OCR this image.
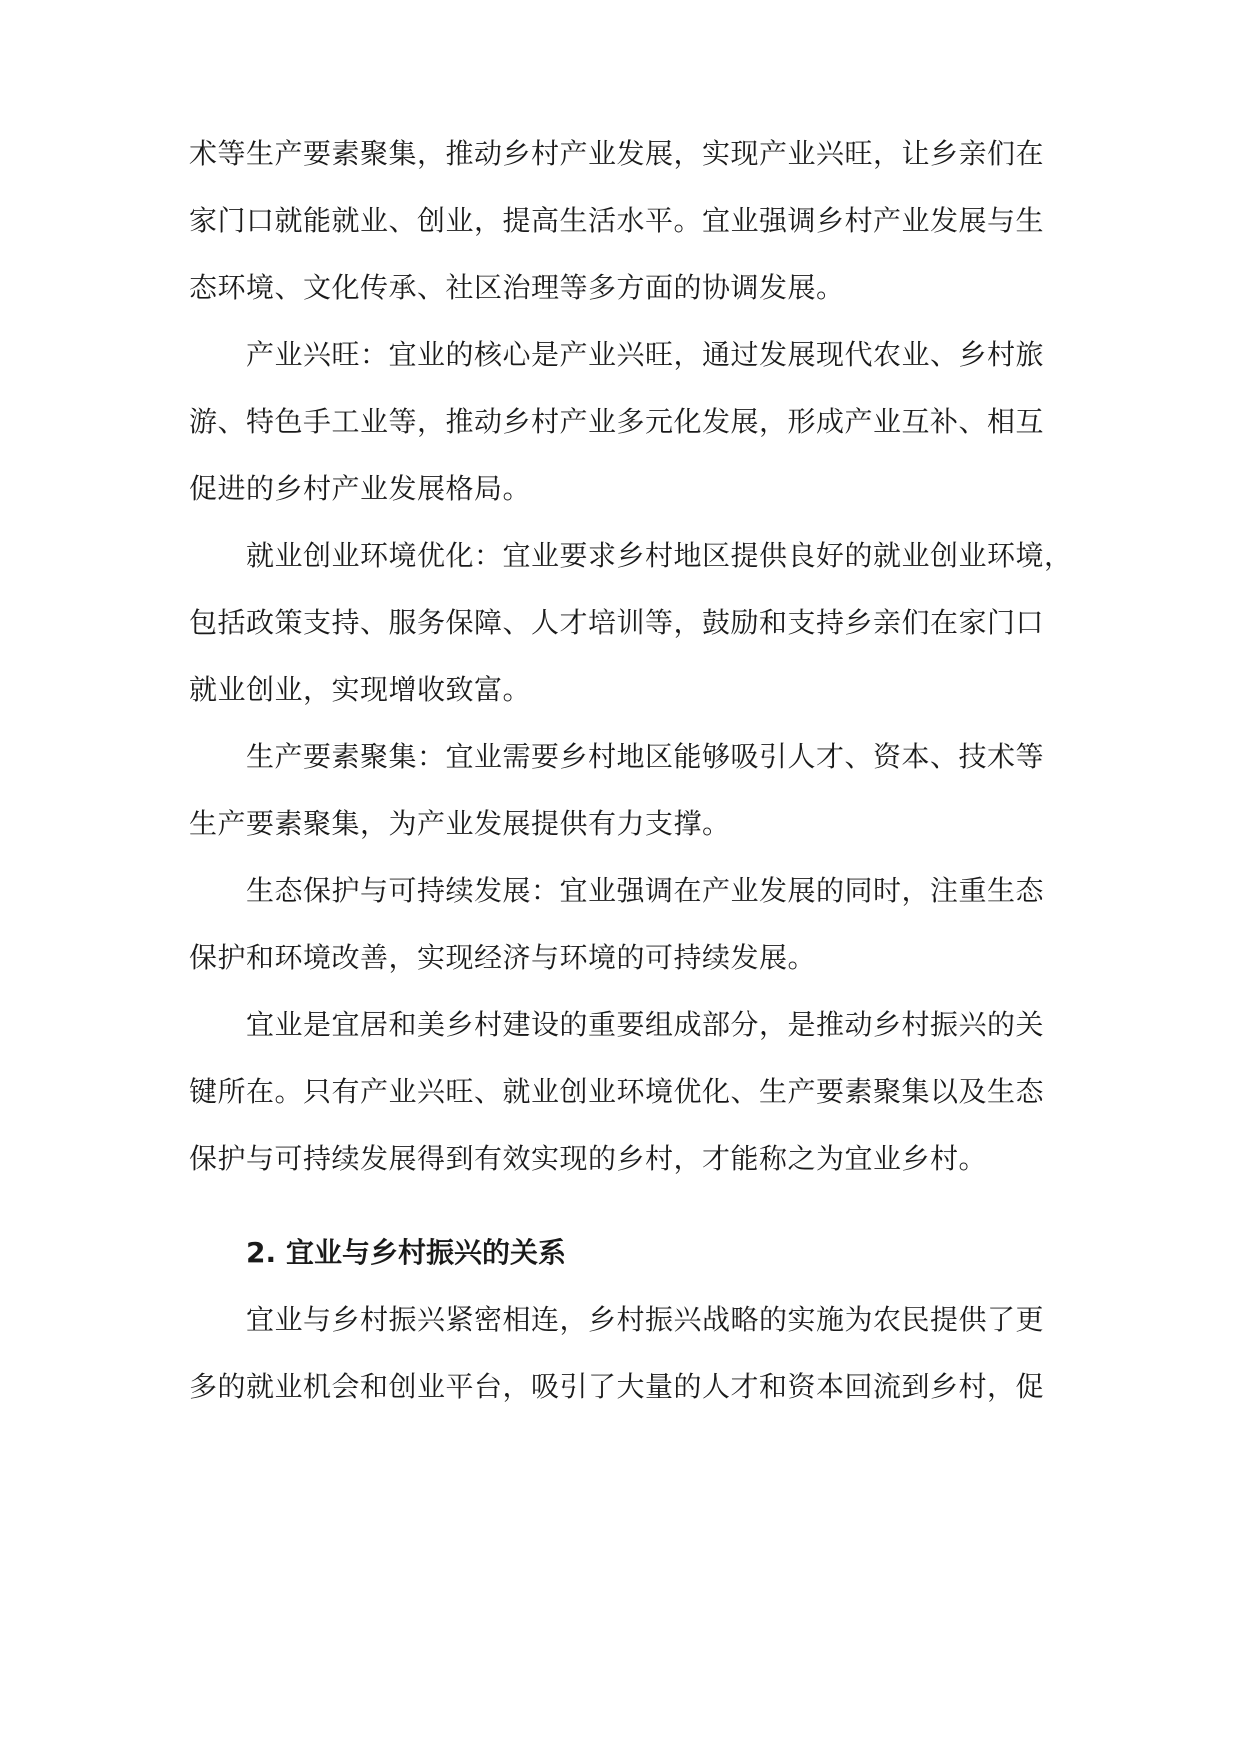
术等生产要素聚集，推动乡村产业发展，实现产业兴旺，让乡亲们在
家门口就能就业、创业，提高生活水平。宜业强调乡村产业发展与生
态环境、文化传承、社区治理等多方面的协调发展。
产业兴旺：宜业的核心是产业兴旺，通过发展现代农业、乡村旅
游、特色手工业等，推动乡村产业多元化发展，形成产业互补、相互
促进的乡村产业发展格局。
就业创业环境优化：宜业要求乡村地区提供良好的就业创业环境，
包括政策支持、服务保障、人才培训等，鼓励和支持乡亲们在家门口
就业创业，实现增收致富。
生产要素聚集：宜业需要乡村地区能够吸引人才、资本、技术等
生产要素聚集，为产业发展提供有力支撑。
生态保护与可持续发展：宜业强调在产业发展的同时，注重生态
保护和环境改善，实现经济与环境的可持续发展。
宜业是宜居和美乡村建设的重要组成部分，是推动乡村振兴的关
键所在。只有产业兴旺、就业创业环境优化、生产要素聚集以及生态
保护与可持续发展得到有效实现的乡村，才能称之为宜业乡村。
2. 宜业与乡村振兴的关系
宜业与乡村振兴紧密相连，乡村振兴战略的实施为农民提供了更
多的就业机会和创业平台，吸引了大量的人才和资本回流到乡村，促
